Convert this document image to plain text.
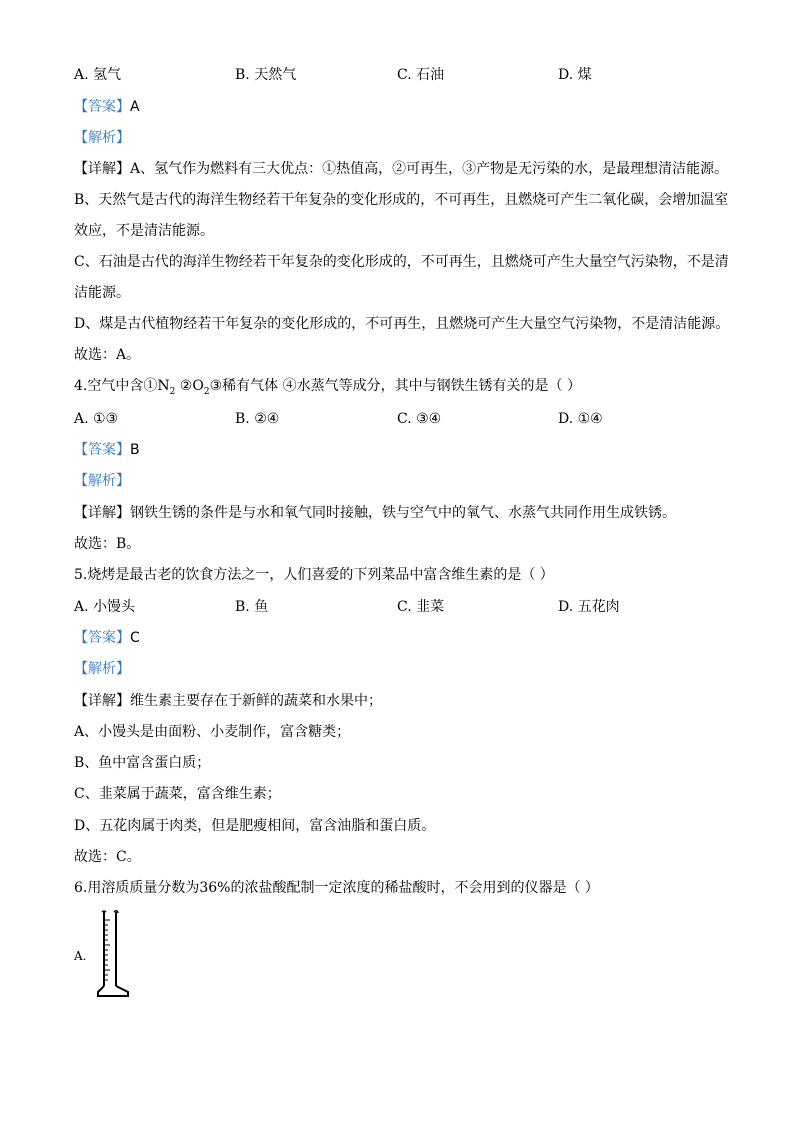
A. 氢气	B. 天然气	C. 石油	D. 煤
【答案】A
【解析】
【详解】A、氢气作为燃料有三大优点：①热值高，②可再生，③产物是无污染的水，是最理想清洁能源。
B、天然气是古代的海洋生物经若干年复杂的变化形成的，不可再生，且燃烧可产生二氧化碳，会增加温室
效应，不是清洁能源。
C、石油是古代的海洋生物经若干年复杂的变化形成的，不可再生，且燃烧可产生大量空气污染物，不是清
洁能源。
D、煤是古代植物经若干年复杂的变化形成的，不可再生，且燃烧可产生大量空气污染物，不是清洁能源。
故选：A。
4.空气中含$①N_2$ $②O_2③$稀有气体 ④水蒸气等成分，其中与钢铁生锈有关的是（ ）
A. ①③	B. ②④	C. ③④	D. ①④
【答案】B
【解析】
【详解】钢铁生锈的条件是与水和氧气同时接触，铁与空气中的氧气、水蒸气共同作用生成铁锈。
故选：B。
5.烧烤是最古老的饮食方法之一，人们喜爱的下列菜品中富含维生素的是（ ）
A. 小馒头	B. 鱼	C. 韭菜	D. 五花肉
【答案】C
【解析】
【详解】维生素主要存在于新鲜的蔬菜和水果中；
A、小馒头是由面粉、小麦制作，富含糖类；
B、鱼中富含蛋白质；
C、韭菜属于蔬菜，富含维生素；
D、五花肉属于肉类，但是肥瘦相间，富含油脂和蛋白质。
故选：C。
6.用溶质质量分数为36%的浓盐酸配制一定浓度的稀盐酸时，不会用到的仪器是（ ）
A.
